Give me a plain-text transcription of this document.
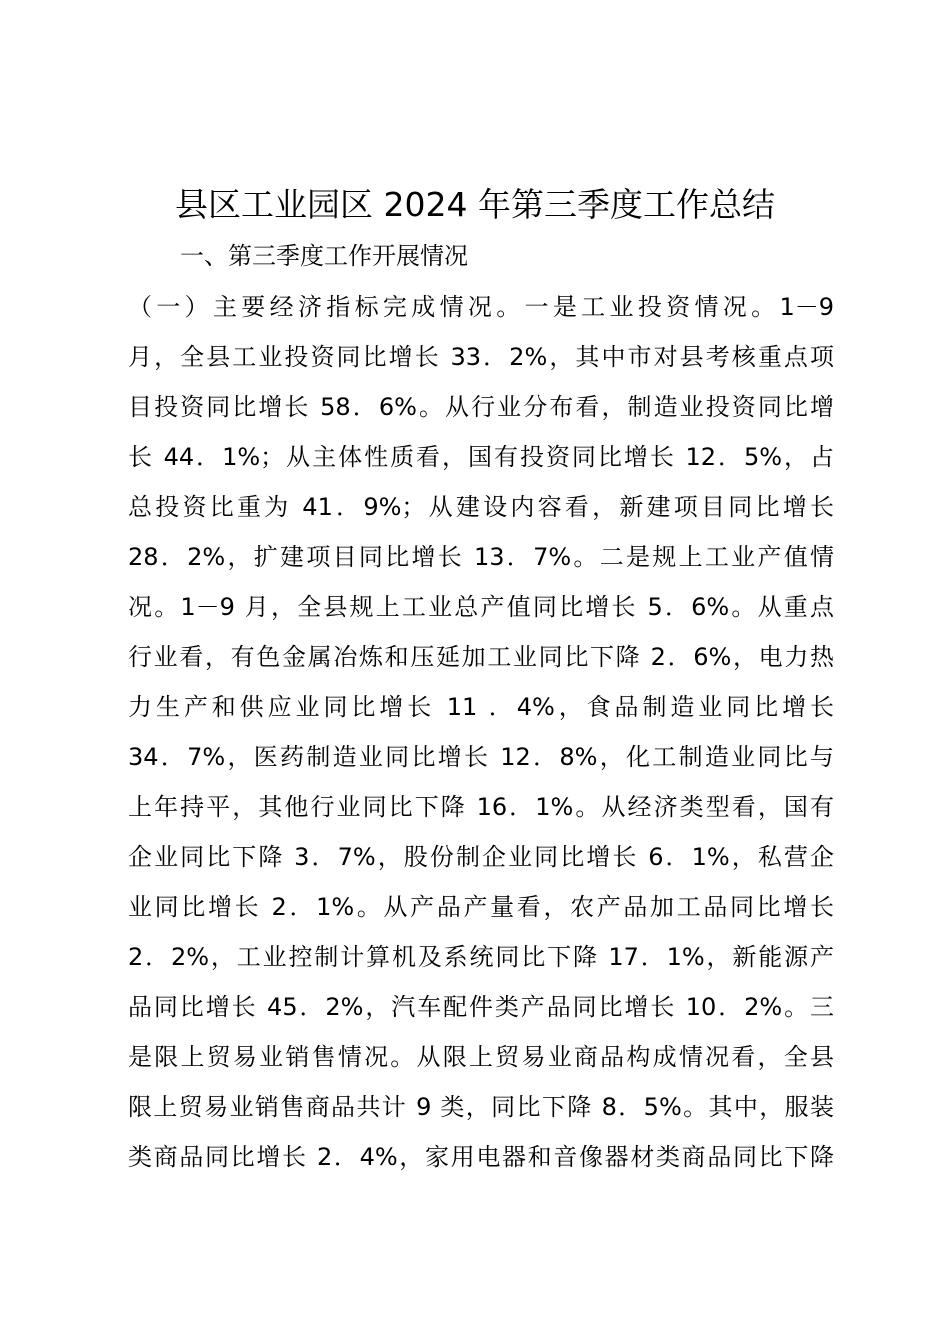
县区工业园区 2024 年第三季度工作总结
一、第三季度工作开展情况
（一）主要经济指标完成情况。一是工业投资情况。1－9
月，全县工业投资同比增长 33．2%，其中市对县考核重点项
目投资同比增长 58．6%。从行业分布看，制造业投资同比增
长 44．1%；从主体性质看，国有投资同比增长 12．5%，占
总投资比重为 41．9%；从建设内容看，新建项目同比增长
28．2%，扩建项目同比增长 13．7%。二是规上工业产值情
况。1－9 月，全县规上工业总产值同比增长 5．6%。从重点
行业看，有色金属冶炼和压延加工业同比下降 2．6%，电力热
力生产和供应业同比增长 11 ．4%，食品制造业同比增长
34．7%，医药制造业同比增长 12．8%，化工制造业同比与
上年持平，其他行业同比下降 16．1%。从经济类型看，国有
企业同比下降 3．7%，股份制企业同比增长 6．1%，私营企
业同比增长 2．1%。从产品产量看，农产品加工品同比增长
2．2%，工业控制计算机及系统同比下降 17．1%，新能源产
品同比增长 45．2%，汽车配件类产品同比增长 10．2%。三
是限上贸易业销售情况。从限上贸易业商品构成情况看，全县
限上贸易业销售商品共计 9 类，同比下降 8．5%。其中，服装
类商品同比增长 2．4%，家用电器和音像器材类商品同比下降
